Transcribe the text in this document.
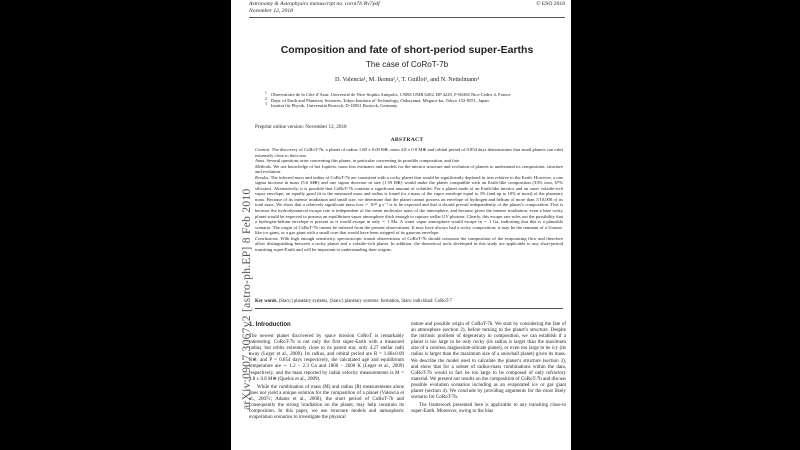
Astronomy & Astrophysics manuscript no. corot7b˙Rv7pdf
November 12, 2018
© ESO 2018
Composition and fate of short-period super-Earths
The case of CoRoT-7b
D. Valencia¹, M. Ikoma¹,², T. Guillot¹, and N. Nettelmann³
1 Observatoire de la Côte d’Azur, Université de Nice-Sophia Antipolis, CNRS UMR 6202, BP 4229, F-06304 Nice Cedex 4, France
2 Dept. of Earth and Planetary Sciences, Tokyo Institute of Technology, Ookayama, Meguro-ku, Tokyo 152-8551, Japan
3 Institut für Physik, Universität Rostock, D-18051 Rostock, Germany
Preprint online version: November 12, 2018
ABSTRACT

Context. The discovery of CoRoT-7b, a planet of radius 1.68 ± 0.09 R⊕, mass 4.8 ± 0.8 M⊕ and orbital period of 0.854 days demonstrates that small planets can orbit extremely close to their star.

Aims. Several questions arise concerning this planet, in particular concerning its possible composition, and fate.

Methods. We use knowledge of hot Jupiters, mass loss estimates and models for the interior structure and evolution of planets to understand its composition, structure and evolution.

Results. The inferred mass and radius of CoRoT-7b are consistent with a rocky planet that would be significantly depleted in iron relative to the Earth. However, a one sigma increase in mass (5.6 M⊕) and one sigma decrease in size (1.59 R⊕) would make the planet compatible with an Earth-like composition (33% iron, 67% silicates). Alternatively, it is possible that CoRoT-7b contains a significant amount of volatiles. For a planet made of an Earth-like interior and an outer volatile-rich vapor envelope, an equally good fit to the measured mass and radius is found for a mass of the vapor envelope equal to 3% (and up to 10% at most) of the planetary mass. Because of its intense irradiation and small size, we determine that the planet cannot possess an envelope of hydrogen and helium of more than 1/10,000 of its total mass. We show that a relatively significant mass loss ∼ 10¹¹ g s⁻¹ is to be expected and that it should prevail independently of the planet’s composition. This is because the hydrodynamical escape rate is independent of the mean molecular mass of the atmosphere, and because given the intense irradiation, even a bare rocky planet would be expected to possess an equilibrium vapor atmosphere thick enough to capture stellar UV photons. Clearly, this escape rate rules out the possibility that a hydrogen-helium envelope is present as it would escape in only ∼ 1 Ma. A water vapor atmosphere would escape in ∼ 1 Ga, indicating that this is a plausible scenario. The origin of CoRoT-7b cannot be inferred from the present observations: It may have always had a rocky composition; it may be the remnant of a Uranus-like ice giant, or a gas giant with a small core that would have been stripped of its gaseous envelope.

Conclusions. With high enough sensitivity, spectroscopic transit observations of CoRoT-7b should constrain the composition of the evaporating flow and therefore allow distinguishing between a rocky planet and a volatile-rich planet. In addition, the theoretical tools developed in this study are applicable to any short-period transiting super-Earth and will be important to understanding their origins.

Key words. (Stars:) planetary systems, (Stars:) planetary systems: formation, Stars: individual: CoRoT-7
1. Introduction

The newest planet discovered by space mission CoRoT is remarkably interesting. CoRoT-7b is not only the first super-Earth with a measured radius, but orbits extremely close to its parent star, only 4.27 stellar radii away (Leger et al., 2009). Its radius, and orbital period are R = 1.68±0.09 R⊕, and P = 0.854 days respectively, the calculated age and equilibrium temperature are ∼ 1.2 − 2.3 Ga and 1800 − 2600 K (Leger et al., 2009) respectively, and the mass reported by radial velocity measurements is M = 4.8 ± 0.8 M⊕ (Queloz et al., 2009).

While the combination of mass (M) and radius (R) measurements alone does not yield a unique solution for the composition of a planet (Valencia et al., 2007c; Adams et al., 2008), the short period of CoRoT-7b and consequently the strong irradiation on the planet, may help constrain its composition. In this paper, we use structure models and atmospheric evaporation scenarios to investigate the physical

nature and possible origin of CoRoT-7b. We start by considering the fate of an atmosphere (section 2), before turning to the planet’s structure. Despite the intrinsic problem of degeneracy in composition, we can establish if a planet is too large to be only rocky (its radius is larger than the maximum size of a coreless magnesium-silicate planet), or even too large to be icy (its radius is larger than the maximum size of a snowball planet) given its mass. We describe the model used to calculate the planet’s structure (section 3), and show that for a subset of radius-mass combinations within the data, CoRoT-7b would in fact be too large to be composed of only refractory material. We present our results on the composition of CoRoT-7b and discuss possible evolution scenarios including as an evaporated ice or gas giant planet (section 4). We conclude by providing arguments for the most likely scenario for CoRoT-7b.

The framework presented here is applicable to any transiting close-in super-Earth. Moreover, owing to the bias

arXiv:0907.3067v2 [astro-ph.EP] 8 Feb 2010
